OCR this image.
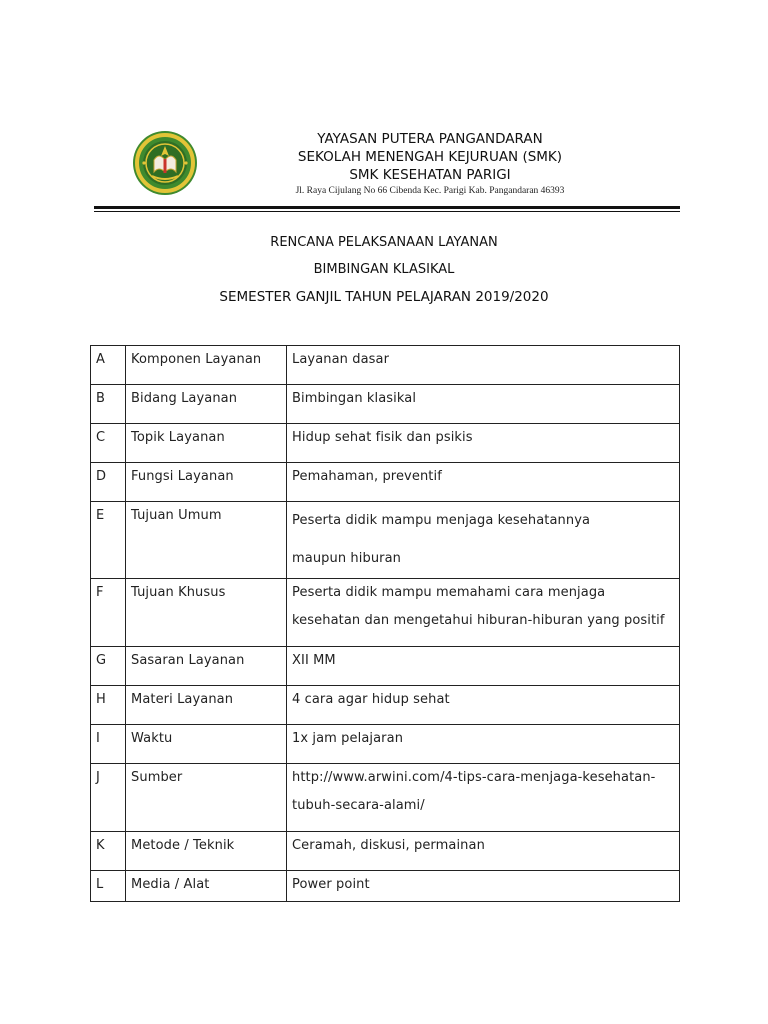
YAYASAN PUTERA PANGANDARAN
SEKOLAH MENENGAH KEJURUAN (SMK)
SMK KESEHATAN PARIGI
Jl. Raya Cijulang No 66 Cibenda Kec. Parigi Kab. Pangandaran 46393
RENCANA PELAKSANAAN LAYANAN
BIMBINGAN KLASIKAL
SEMESTER GANJIL TAHUN PELAJARAN 2019/2020
A	Komponen Layanan	Layanan dasar

B	Bidang Layanan	Bimbingan klasikal

C	Topik Layanan	Hidup sehat fisik dan psikis

D	Fungsi Layanan	Pemahaman, preventif

E	Tujuan Umum	Peserta didik mampu menjaga kesehatannya
maupun hiburan

F	Tujuan Khusus	Peserta didik mampu memahami cara menjaga
kesehatan dan mengetahui hiburan-hiburan yang positif

G	Sasaran Layanan	XII MM

H	Materi Layanan	4 cara agar hidup sehat

I	Waktu	1x jam pelajaran

J	Sumber	http://www.arwini.com/4-tips-cara-menjaga-kesehatan-
tubuh-secara-alami/

K	Metode / Teknik	Ceramah, diskusi, permainan

L	Media / Alat	Power point
